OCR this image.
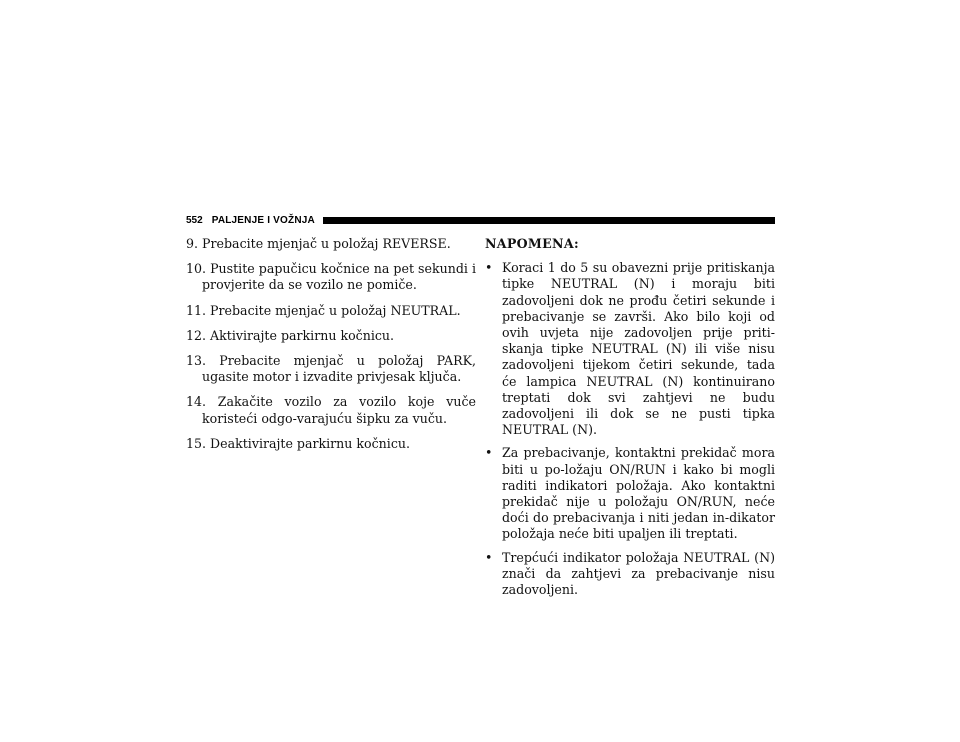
552 PALJENJE I VOŽNJA

9. Prebacite mjenjač u položaj REVERSE.

10. Pustite papučicu kočnice na pet sekundi i provjerite da se vozilo ne pomiče.

11. Prebacite mjenjač u položaj NEUTRAL.

12. Aktivirajte parkirnu kočnicu.

13. Prebacite mjenjač u položaj PARK, ugasite motor i izvadite privjesak ključa.

14. Zakačite vozilo za vozilo koje vuče koristeći odgo-varajuću šipku za vuču.

15. Deaktivirajte parkirnu kočnicu.

NAPOMENA:

• Koraci 1 do 5 su obavezni prije pritiskanja tipke NEUTRAL (N) i moraju biti zadovoljeni dok ne prođu četiri sekunde i prebacivanje se završi. Ako bilo koji od ovih uvjeta nije zadovoljen prije priti-skanja tipke NEUTRAL (N) ili više nisu zadovoljeni tijekom četiri sekunde, tada će lampica NEUTRAL (N) kontinuirano treptati dok svi zahtjevi ne budu zadovoljeni ili dok se ne pusti tipka NEUTRAL (N).
• Za prebacivanje, kontaktni prekidač mora biti u po-ložaju ON/RUN i kako bi mogli raditi indikatori položaja. Ako kontaktni prekidač nije u položaju ON/RUN, neće doći do prebacivanja i niti jedan in-dikator položaja neće biti upaljen ili treptati.
• Trepćući indikator položaja NEUTRAL (N) znači da zahtjevi za prebacivanje nisu zadovoljeni.
